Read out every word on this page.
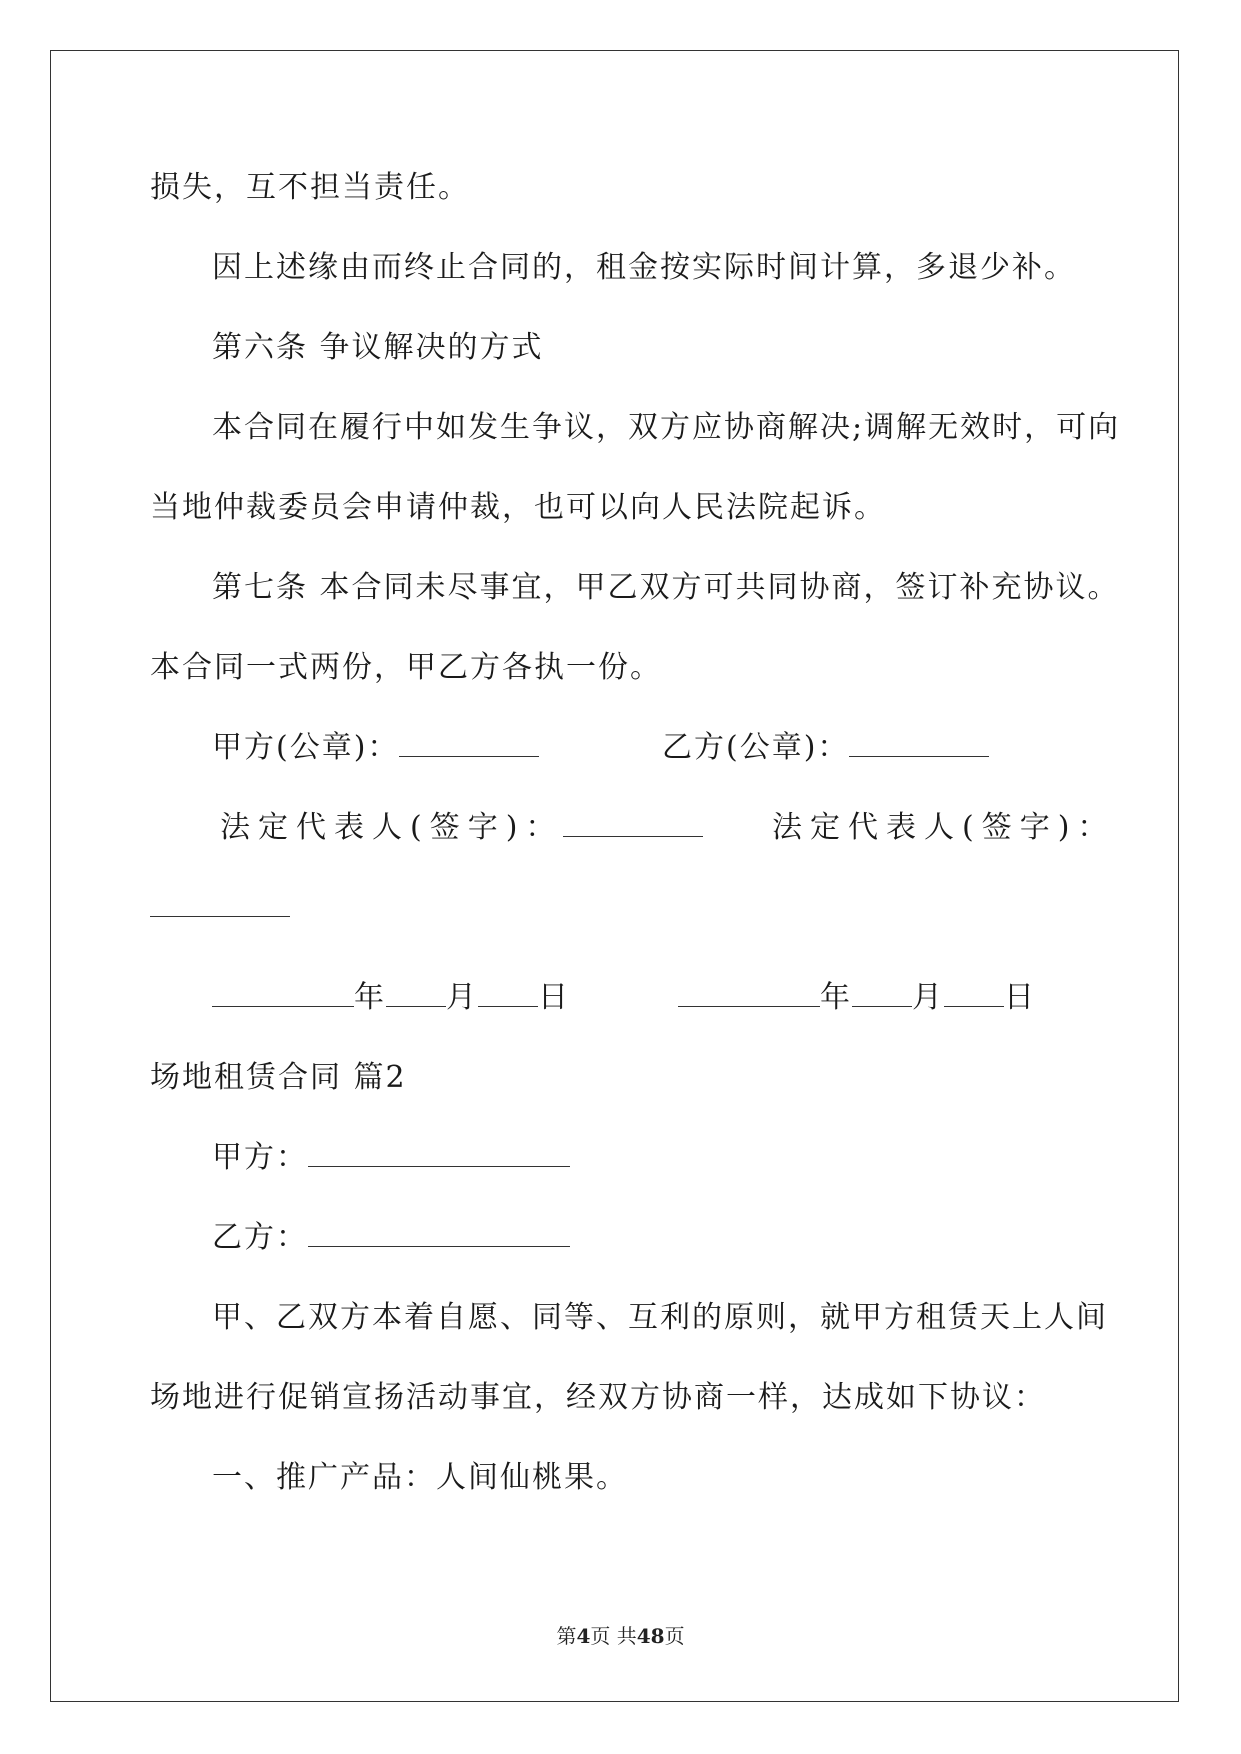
损失，互不担当责任。
因上述缘由而终止合同的，租金按实际时间计算，多退少补。
第六条 争议解决的方式
本合同在履行中如发生争议，双方应协商解决;调解无效时，可向
当地仲裁委员会申请仲裁，也可以向人民法院起诉。
第七条 本合同未尽事宜，甲乙双方可共同协商，签订补充协议。
本合同一式两份，甲乙方各执一份。
甲方(公章)：	乙方(公章)：
法定代表人(签字)：	法定代表人(签字)：
年 月 日	年 月 日
场地租赁合同 篇2
甲方：
乙方：
甲、乙双方本着自愿、同等、互利的原则，就甲方租赁天上人间
场地进行促销宣扬活动事宜，经双方协商一样，达成如下协议：
一、推广产品：人间仙桃果。
第4页 共48页
